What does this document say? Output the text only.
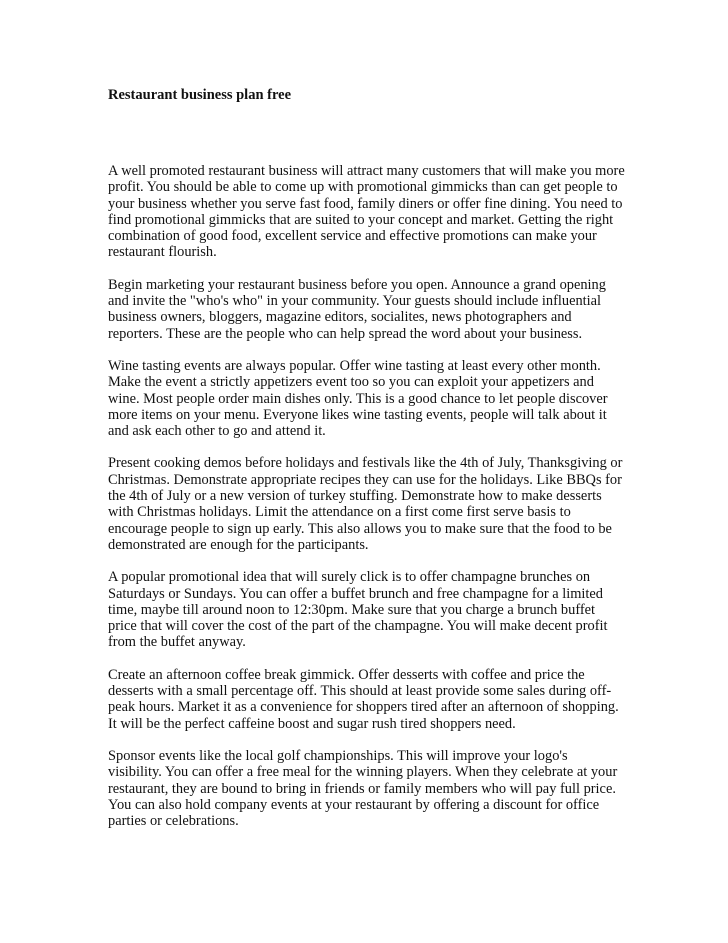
Restaurant business plan free

A well promoted restaurant business will attract many customers that will make you more
profit. You should be able to come up with promotional gimmicks than can get people to
your business whether you serve fast food, family diners or offer fine dining. You need to
find promotional gimmicks that are suited to your concept and market. Getting the right
combination of good food, excellent service and effective promotions can make your
restaurant flourish.

Begin marketing your restaurant business before you open. Announce a grand opening
and invite the "who's who" in your community. Your guests should include influential
business owners, bloggers, magazine editors, socialites, news photographers and
reporters. These are the people who can help spread the word about your business.

Wine tasting events are always popular. Offer wine tasting at least every other month.
Make the event a strictly appetizers event too so you can exploit your appetizers and
wine. Most people order main dishes only. This is a good chance to let people discover
more items on your menu. Everyone likes wine tasting events, people will talk about it
and ask each other to go and attend it.

Present cooking demos before holidays and festivals like the 4th of July, Thanksgiving or
Christmas. Demonstrate appropriate recipes they can use for the holidays. Like BBQs for
the 4th of July or a new version of turkey stuffing. Demonstrate how to make desserts
with Christmas holidays. Limit the attendance on a first come first serve basis to
encourage people to sign up early. This also allows you to make sure that the food to be
demonstrated are enough for the participants.

A popular promotional idea that will surely click is to offer champagne brunches on
Saturdays or Sundays. You can offer a buffet brunch and free champagne for a limited
time, maybe till around noon to 12:30pm. Make sure that you charge a brunch buffet
price that will cover the cost of the part of the champagne. You will make decent profit
from the buffet anyway.

Create an afternoon coffee break gimmick. Offer desserts with coffee and price the
desserts with a small percentage off. This should at least provide some sales during off-
peak hours. Market it as a convenience for shoppers tired after an afternoon of shopping.
It will be the perfect caffeine boost and sugar rush tired shoppers need.

Sponsor events like the local golf championships. This will improve your logo's
visibility. You can offer a free meal for the winning players. When they celebrate at your
restaurant, they are bound to bring in friends or family members who will pay full price.
You can also hold company events at your restaurant by offering a discount for office
parties or celebrations.
